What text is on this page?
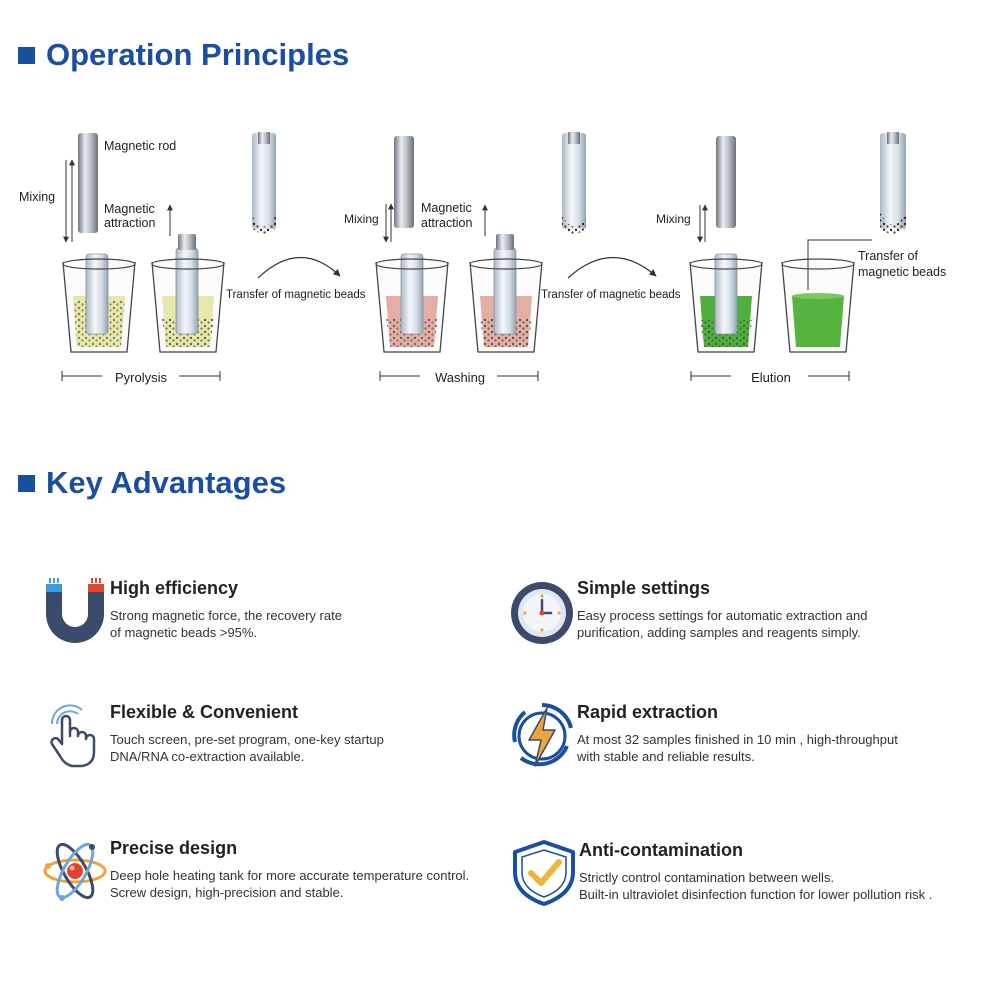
Operation Principles
Mixing
Magnetic rod
Magnetic
attraction
Transfer of magnetic beads
Pyrolysis
Mixing
Magnetic
attraction
Transfer of magnetic beads
Washing
Mixing
Transfer of
magnetic beads
Elution
Key Advantages
High efficiency

Strong magnetic force, the recovery rate
of magnetic beads >95%.

Simple settings

Easy process settings for automatic extraction and
purification, adding samples and reagents simply.

Flexible & Convenient

Touch screen, pre-set program, one-key startup
DNA/RNA co-extraction available.

Rapid extraction

At most 32 samples finished in 10 min , high-throughput
with stable and reliable results.

Precise design

Deep hole heating tank for more accurate temperature control.
Screw design, high-precision and stable.

Anti-contamination

Strictly control contamination between wells.
Built-in ultraviolet disinfection function for lower pollution risk .
